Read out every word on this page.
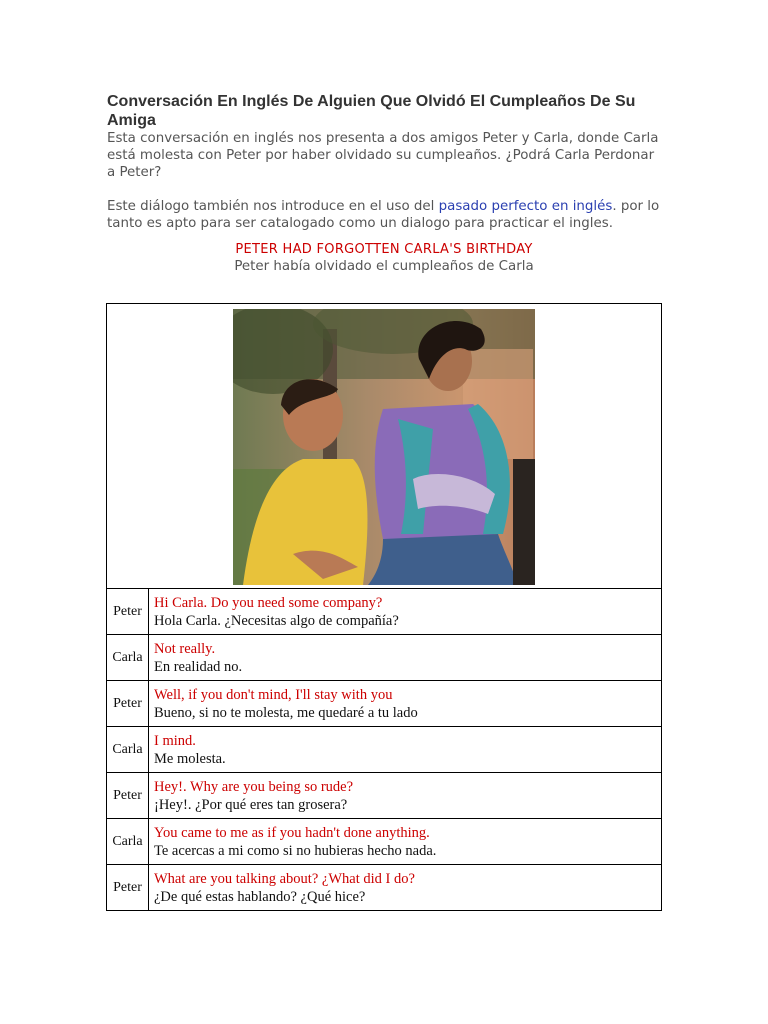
Conversación En Inglés De Alguien Que Olvidó El Cumpleaños De Su Amiga

Esta conversación en inglés nos presenta a dos amigos Peter y Carla, donde Carla está molesta con Peter por haber olvidado su cumpleaños. ¿Podrá Carla Perdonar a Peter?

Este diálogo también nos introduce en el uso del pasado perfecto en inglés. por lo tanto es apto para ser catalogado como un dialogo para practicar el ingles.

PETER HAD FORGOTTEN CARLA'S BIRTHDAY
Peter había olvidado el cumpleaños de Carla

Peter	Hi Carla. Do you need some company?
Hola Carla. ¿Necesitas algo de compañía?

Carla	Not really.
En realidad no.

Peter	Well, if you don't mind, I'll stay with you
Bueno, si no te molesta, me quedaré a tu lado

Carla	I mind.
Me molesta.

Peter	Hey!. Why are you being so rude?
¡Hey!. ¿Por qué eres tan grosera?

Carla	You came to me as if you hadn't done anything.
Te acercas a mi como si no hubieras hecho nada.

Peter	What are you talking about? ¿What did I do?
¿De qué estas hablando? ¿Qué hice?
